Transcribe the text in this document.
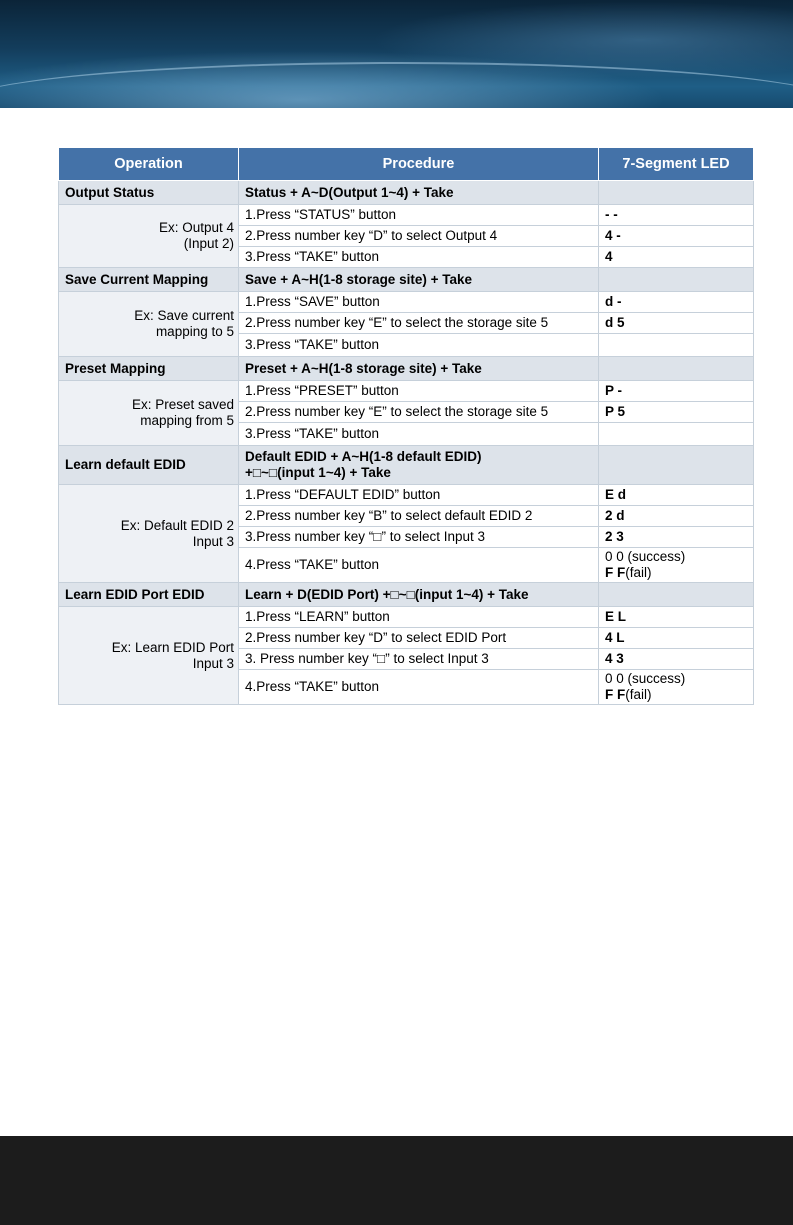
Operation	Procedure	7-Segment LED
Output Status	Status + A~D(Output 1~4) + Take	

Ex: Output 4
(Input 2)	1.Press “STATUS” button	- -
	2.Press number key “D” to select Output 4	4 -
	3.Press “TAKE” button	4
Save Current Mapping	Save + A~H(1-8 storage site) + Take	

Ex: Save current
mapping to 5	1.Press “SAVE” button	d -
	2.Press number key “E” to select the storage site 5	d 5
	3.Press “TAKE” button	
Preset Mapping	Preset + A~H(1-8 storage site) + Take	

Ex: Preset saved
mapping from 5	1.Press “PRESET” button	P -
	2.Press number key “E” to select the storage site 5	P 5
	3.Press “TAKE” button	
Learn default EDID	Default EDID + A~H(1-8 default EDID)
+□~□(input 1~4) + Take	

Ex: Default EDID 2
Input 3	1.Press “DEFAULT EDID” button	E d
	2.Press number key “B” to select default EDID 2	2 d
	3.Press number key “□” to select Input 3	2 3
	4.Press “TAKE” button	0 0 (success)
F F(fail)

Learn EDID Port EDID	Learn + D(EDID Port) +□~□(input 1~4) + Take	

Ex: Learn EDID Port
Input 3	1.Press “LEARN” button	E L
	2.Press number key “D” to select EDID Port	4 L
	3. Press number key “□” to select Input 3	4 3
	4.Press “TAKE” button	0 0 (success)
F F(fail)
